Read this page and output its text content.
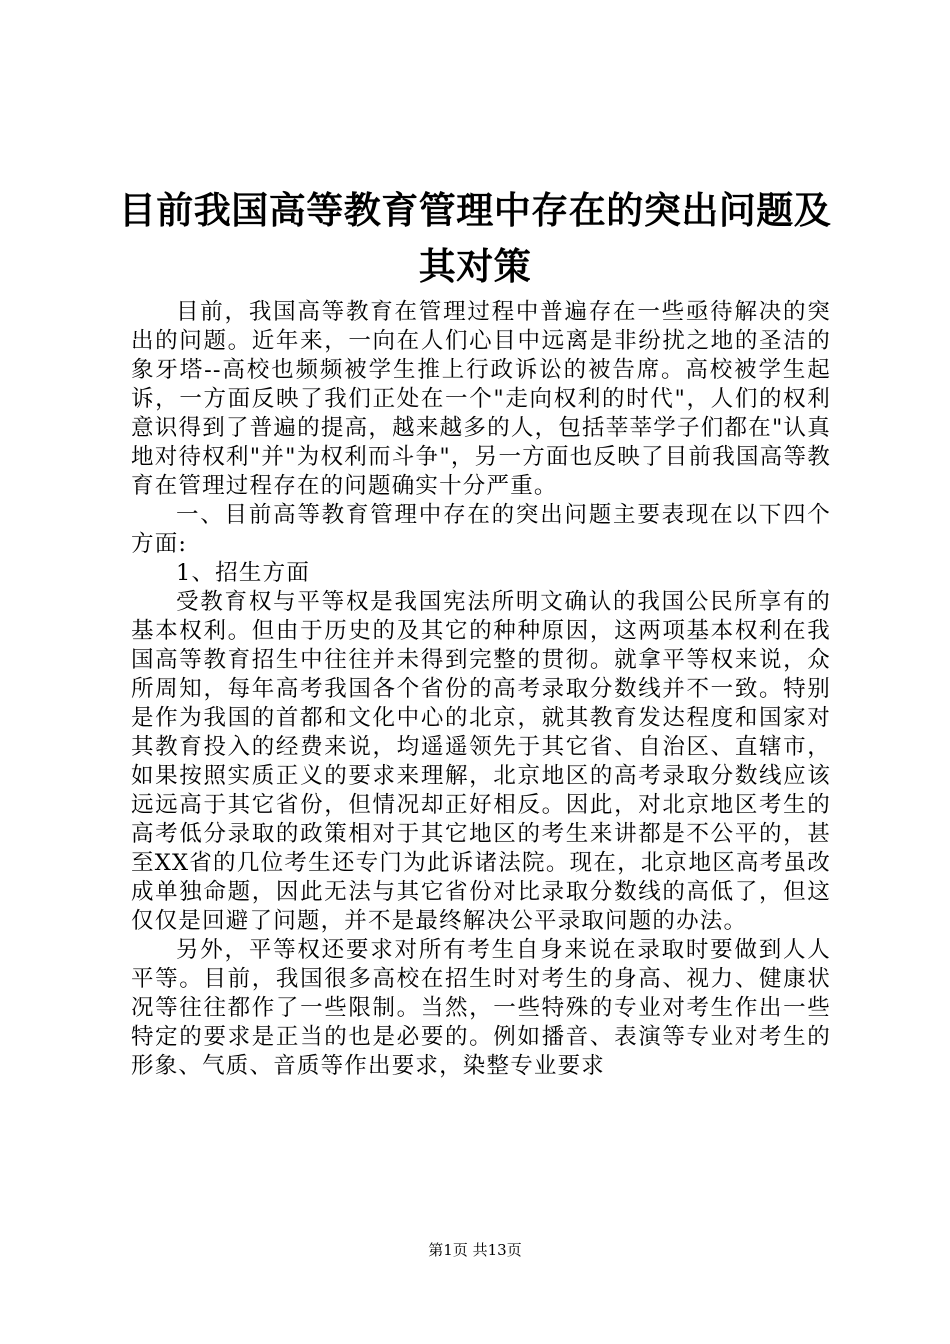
目前我国高等教育管理中存在的突出问题及其对策

目前，我国高等教育在管理过程中普遍存在一些亟待解决的突出的问题。近年来，一向在人们心目中远离是非纷扰之地的圣洁的象牙塔--高校也频频被学生推上行政诉讼的被告席。高校被学生起诉，一方面反映了我们正处在一个"走向权利的时代"，人们的权利意识得到了普遍的提高，越来越多的人，包括莘莘学子们都在"认真地对待权利"并"为权利而斗争"，另一方面也反映了目前我国高等教育在管理过程存在的问题确实十分严重。

一、目前高等教育管理中存在的突出问题主要表现在以下四个方面:

1、招生方面

受教育权与平等权是我国宪法所明文确认的我国公民所享有的基本权利。但由于历史的及其它的种种原因，这两项基本权利在我国高等教育招生中往往并未得到完整的贯彻。就拿平等权来说，众所周知，每年高考我国各个省份的高考录取分数线并不一致。特别是作为我国的首都和文化中心的北京，就其教育发达程度和国家对其教育投入的经费来说，均遥遥领先于其它省、自治区、直辖市，如果按照实质正义的要求来理解，北京地区的高考录取分数线应该远远高于其它省份，但情况却正好相反。因此，对北京地区考生的高考低分录取的政策相对于其它地区的考生来讲都是不公平的，甚至XX省的几位考生还专门为此诉诸法院。现在，北京地区高考虽改成单独命题，因此无法与其它省份对比录取分数线的高低了，但这仅仅是回避了问题，并不是最终解决公平录取问题的办法。

另外，平等权还要求对所有考生自身来说在录取时要做到人人平等。目前，我国很多高校在招生时对考生的身高、视力、健康状况等往往都作了一些限制。当然，一些特殊的专业对考生作出一些特定的要求是正当的也是必要的。例如播音、表演等专业对考生的形象、气质、音质等作出要求，染整专业要求

第1页 共13页
